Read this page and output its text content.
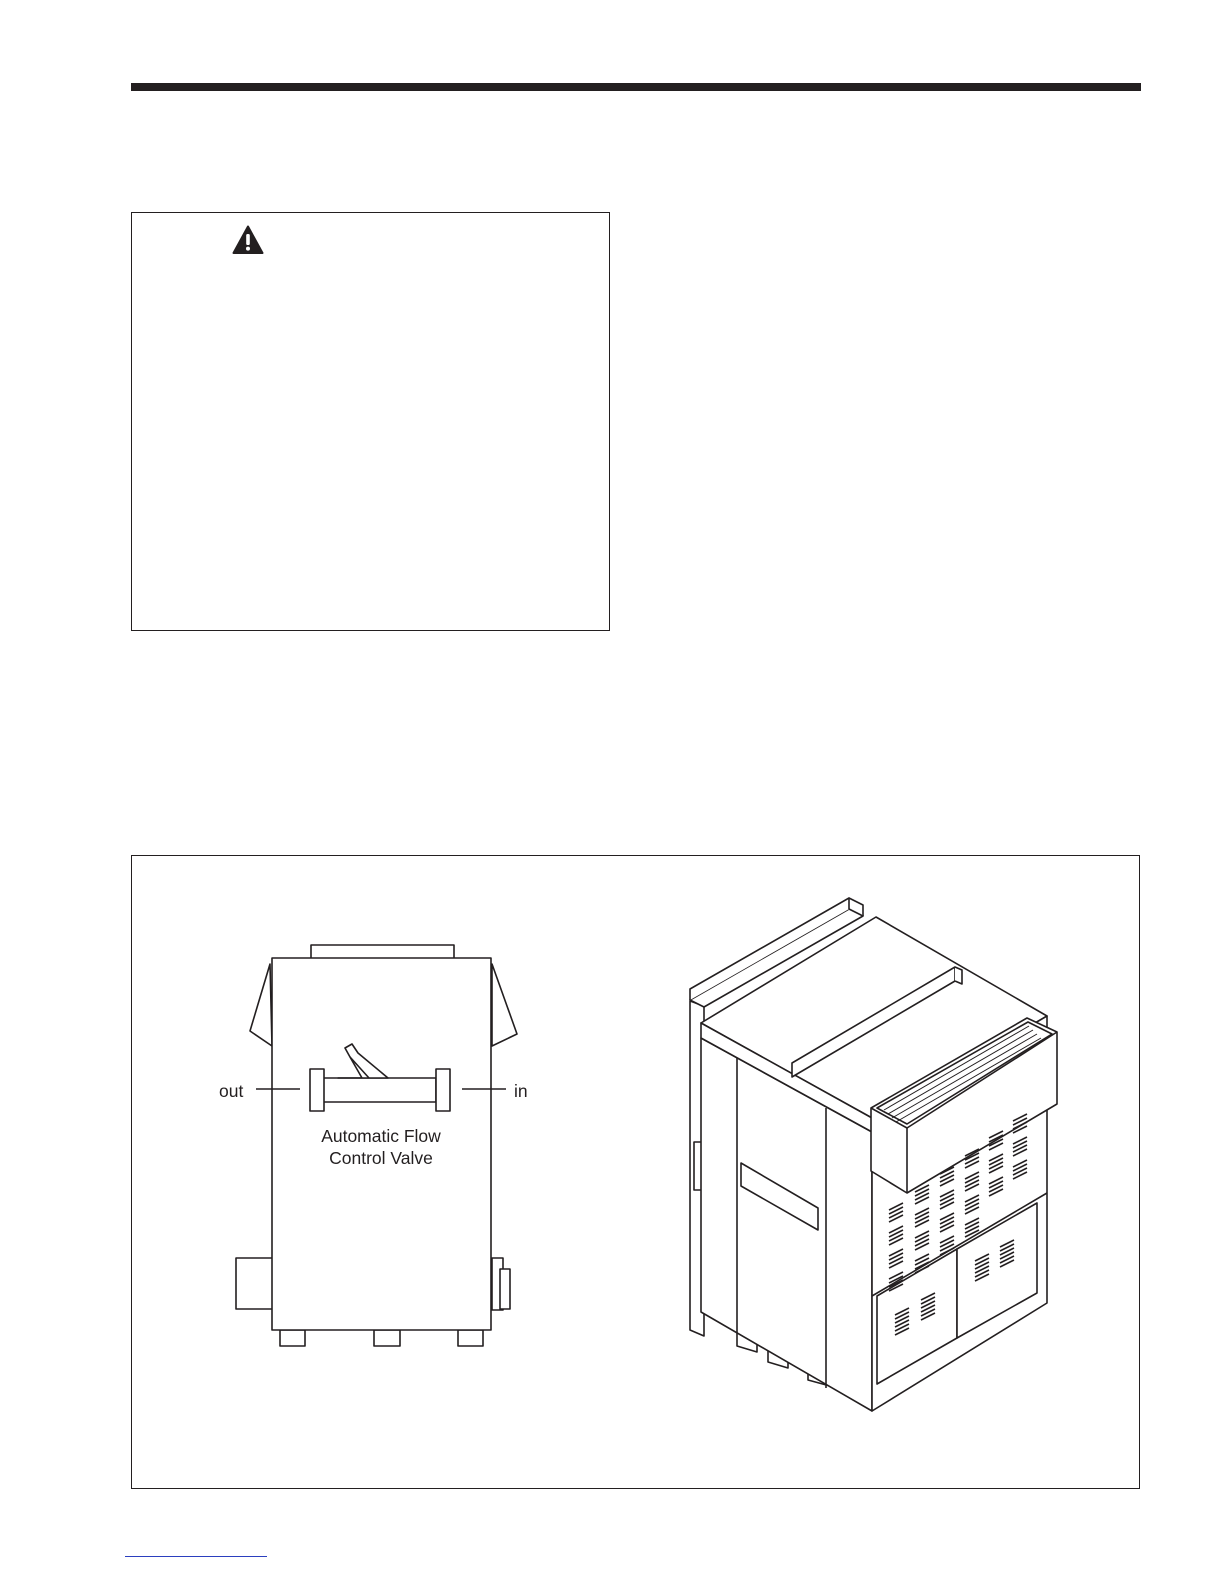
out	in
Automatic Flow
Control Valve
